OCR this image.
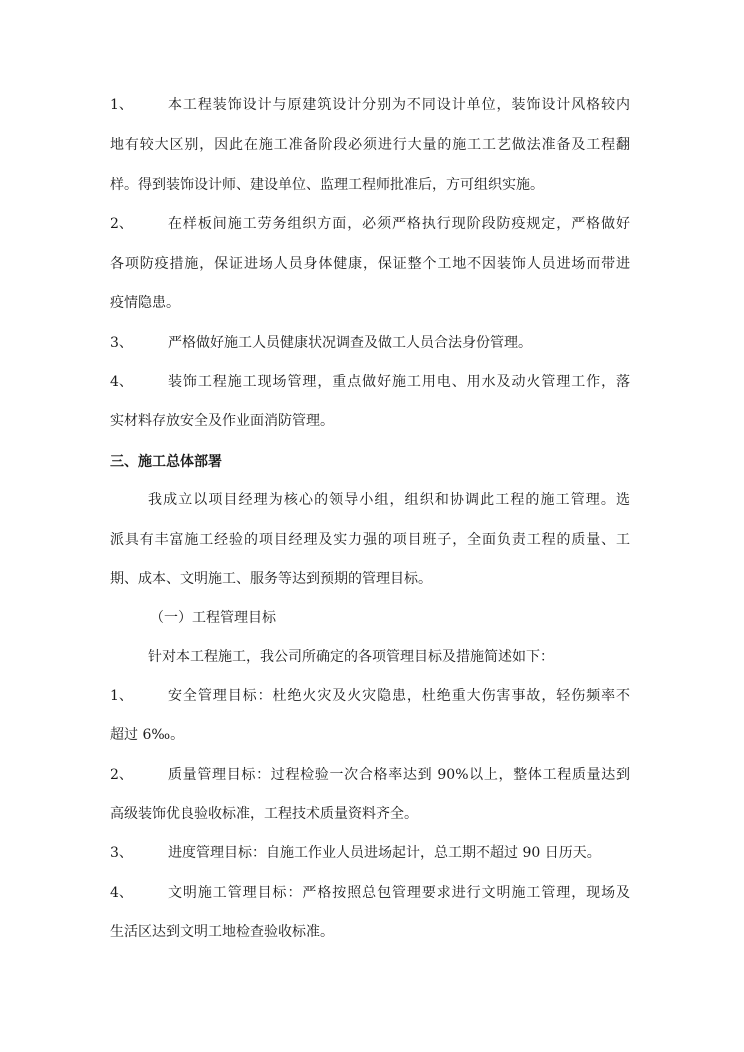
1、	本工程装饰设计与原建筑设计分别为不同设计单位，装饰设计风格较内
地有较大区别，因此在施工准备阶段必须进行大量的施工工艺做法准备及工程翻
样。得到装饰设计师、建设单位、监理工程师批准后，方可组织实施。
2、	在样板间施工劳务组织方面，必须严格执行现阶段防疫规定，严格做好
各项防疫措施，保证进场人员身体健康，保证整个工地不因装饰人员进场而带进
疫情隐患。
3、	严格做好施工人员健康状况调查及做工人员合法身份管理。
4、	装饰工程施工现场管理，重点做好施工用电、用水及动火管理工作，落
实材料存放安全及作业面消防管理。
三、施工总体部署
我成立以项目经理为核心的领导小组，组织和协调此工程的施工管理。选
派具有丰富施工经验的项目经理及实力强的项目班子，全面负责工程的质量、工
期、成本、文明施工、服务等达到预期的管理目标。
（一）工程管理目标
针对本工程施工，我公司所确定的各项管理目标及措施简述如下：
1、	安全管理目标：杜绝火灾及火灾隐患，杜绝重大伤害事故，轻伤频率不
超过 6‰。
2、	质量管理目标：过程检验一次合格率达到 90%以上，整体工程质量达到
高级装饰优良验收标准，工程技术质量资料齐全。
3、	进度管理目标：自施工作业人员进场起计，总工期不超过 90 日历天。
4、	文明施工管理目标：严格按照总包管理要求进行文明施工管理，现场及
生活区达到文明工地检查验收标准。
